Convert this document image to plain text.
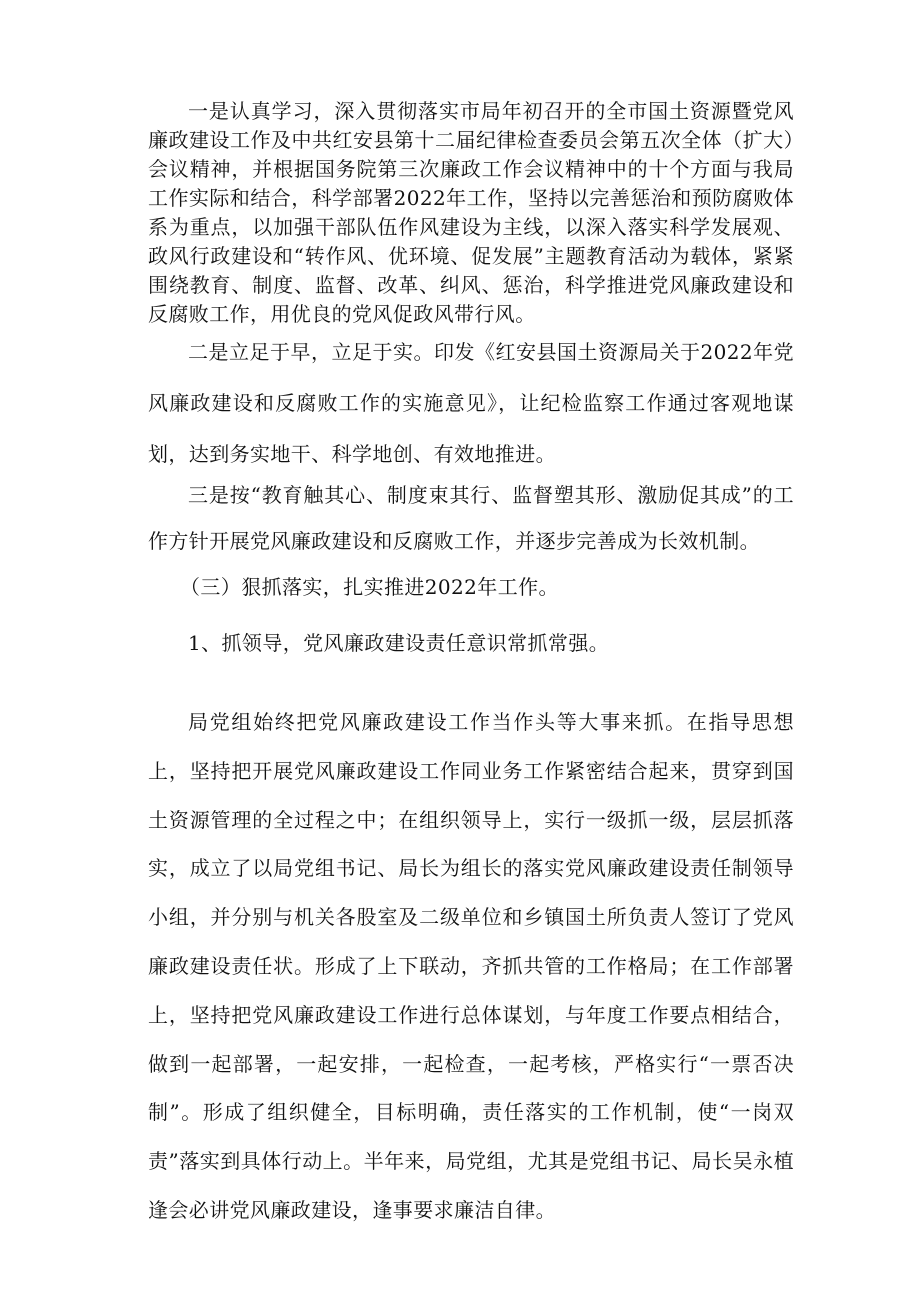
一是认真学习，深入贯彻落实市局年初召开的全市国土资源暨党风廉政建设工作及中共红安县第十二届纪律检查委员会第五次全体（扩大）会议精神，并根据国务院第三次廉政工作会议精神中的十个方面与我局工作实际和结合，科学部署2022年工作，坚持以完善惩治和预防腐败体系为重点，以加强干部队伍作风建设为主线，以深入落实科学发展观、政风行政建设和“转作风、优环境、促发展”主题教育活动为载体，紧紧围绕教育、制度、监督、改革、纠风、惩治，科学推进党风廉政建设和反腐败工作，用优良的党风促政风带行风。

二是立足于早，立足于实。印发《红安县国土资源局关于2022年党风廉政建设和反腐败工作的实施意见》，让纪检监察工作通过客观地谋划，达到务实地干、科学地创、有效地推进。

三是按“教育触其心、制度束其行、监督塑其形、激励促其成”的工作方针开展党风廉政建设和反腐败工作，并逐步完善成为长效机制。

（三）狠抓落实，扎实推进2022年工作。

1、抓领导，党风廉政建设责任意识常抓常强。

局党组始终把党风廉政建设工作当作头等大事来抓。在指导思想上，坚持把开展党风廉政建设工作同业务工作紧密结合起来，贯穿到国土资源管理的全过程之中；在组织领导上，实行一级抓一级，层层抓落实，成立了以局党组书记、局长为组长的落实党风廉政建设责任制领导小组，并分别与机关各股室及二级单位和乡镇国土所负责人签订了党风廉政建设责任状。形成了上下联动，齐抓共管的工作格局；在工作部署上，坚持把党风廉政建设工作进行总体谋划，与年度工作要点相结合，做到一起部署，一起安排，一起检查，一起考核，严格实行“一票否决制”。形成了组织健全，目标明确，责任落实的工作机制，使“一岗双责”落实到具体行动上。半年来，局党组，尤其是党组书记、局长吴永植逢会必讲党风廉政建设，逢事要求廉洁自律。
